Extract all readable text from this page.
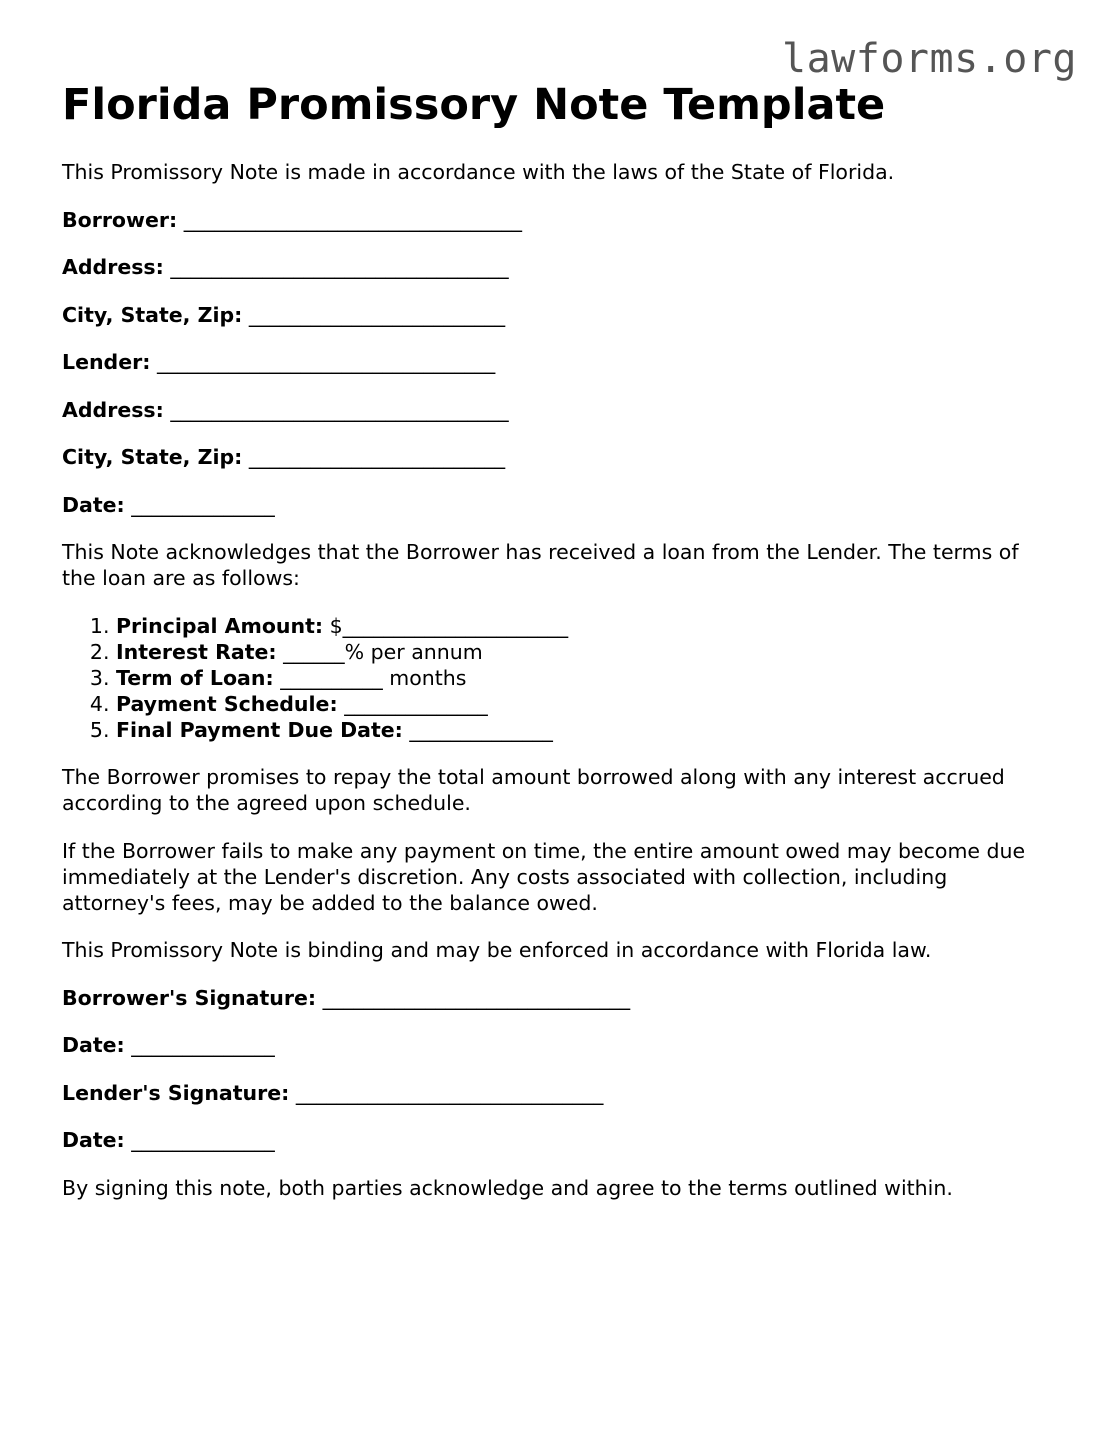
lawforms.org
Florida Promissory Note Template

This Promissory Note is made in accordance with the laws of the State of Florida.

Borrower: _________________________________
Address: _________________________________
City, State, Zip: _________________________
Lender: _________________________________
Address: _________________________________
City, State, Zip: _________________________
Date: ______________

This Note acknowledges that the Borrower has received a loan from the Lender. The terms of the loan are as follows:

1. Principal Amount: $______________________
2. Interest Rate: ______% per annum
3. Term of Loan: __________ months
4. Payment Schedule: ______________
5. Final Payment Due Date: ______________

The Borrower promises to repay the total amount borrowed along with any interest accrued according to the agreed upon schedule.

If the Borrower fails to make any payment on time, the entire amount owed may become due immediately at the Lender's discretion. Any costs associated with collection, including attorney's fees, may be added to the balance owed.

This Promissory Note is binding and may be enforced in accordance with Florida law.

Borrower's Signature: ______________________________
Date: ______________
Lender's Signature: ______________________________
Date: ______________

By signing this note, both parties acknowledge and agree to the terms outlined within.
